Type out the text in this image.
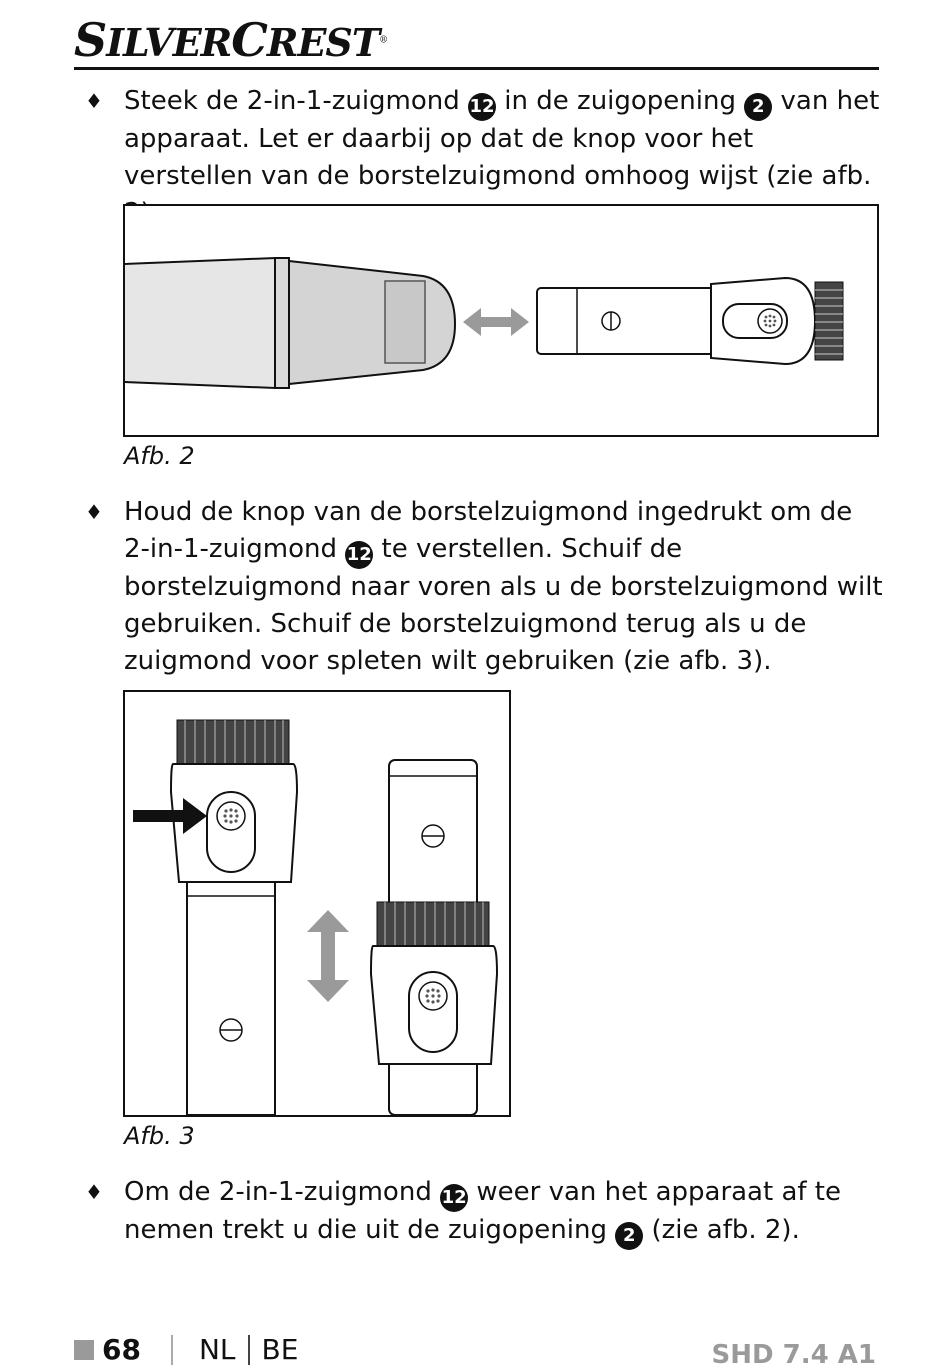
SILVERCREST®
♦ Steek de 2-in-1-zuigmond 12 in de zuigopening 2 van het apparaat. Let er daarbij op dat de knop voor het verstellen van de borstelzuigmond omhoog wijst (zie afb.
Afb. 2
♦ Houd de knop van de borstelzuigmond ingedrukt om de 2-in-1-zuigmond 12 te verstellen. Schuif de borstelzuigmond naar voren als u de borstelzuigmond wilt gebruiken. Schuif de borstelzuigmond terug als u de zuigmond voor spleten wilt gebruiken (zie afb. 3).
Afb. 3
♦ Om de 2-in-1-zuigmond 12 weer van het apparaat af te nemen trekt u die uit de zuigopening 2 (zie afb. 2).
68 NL BE	SHD 7.4 A1
